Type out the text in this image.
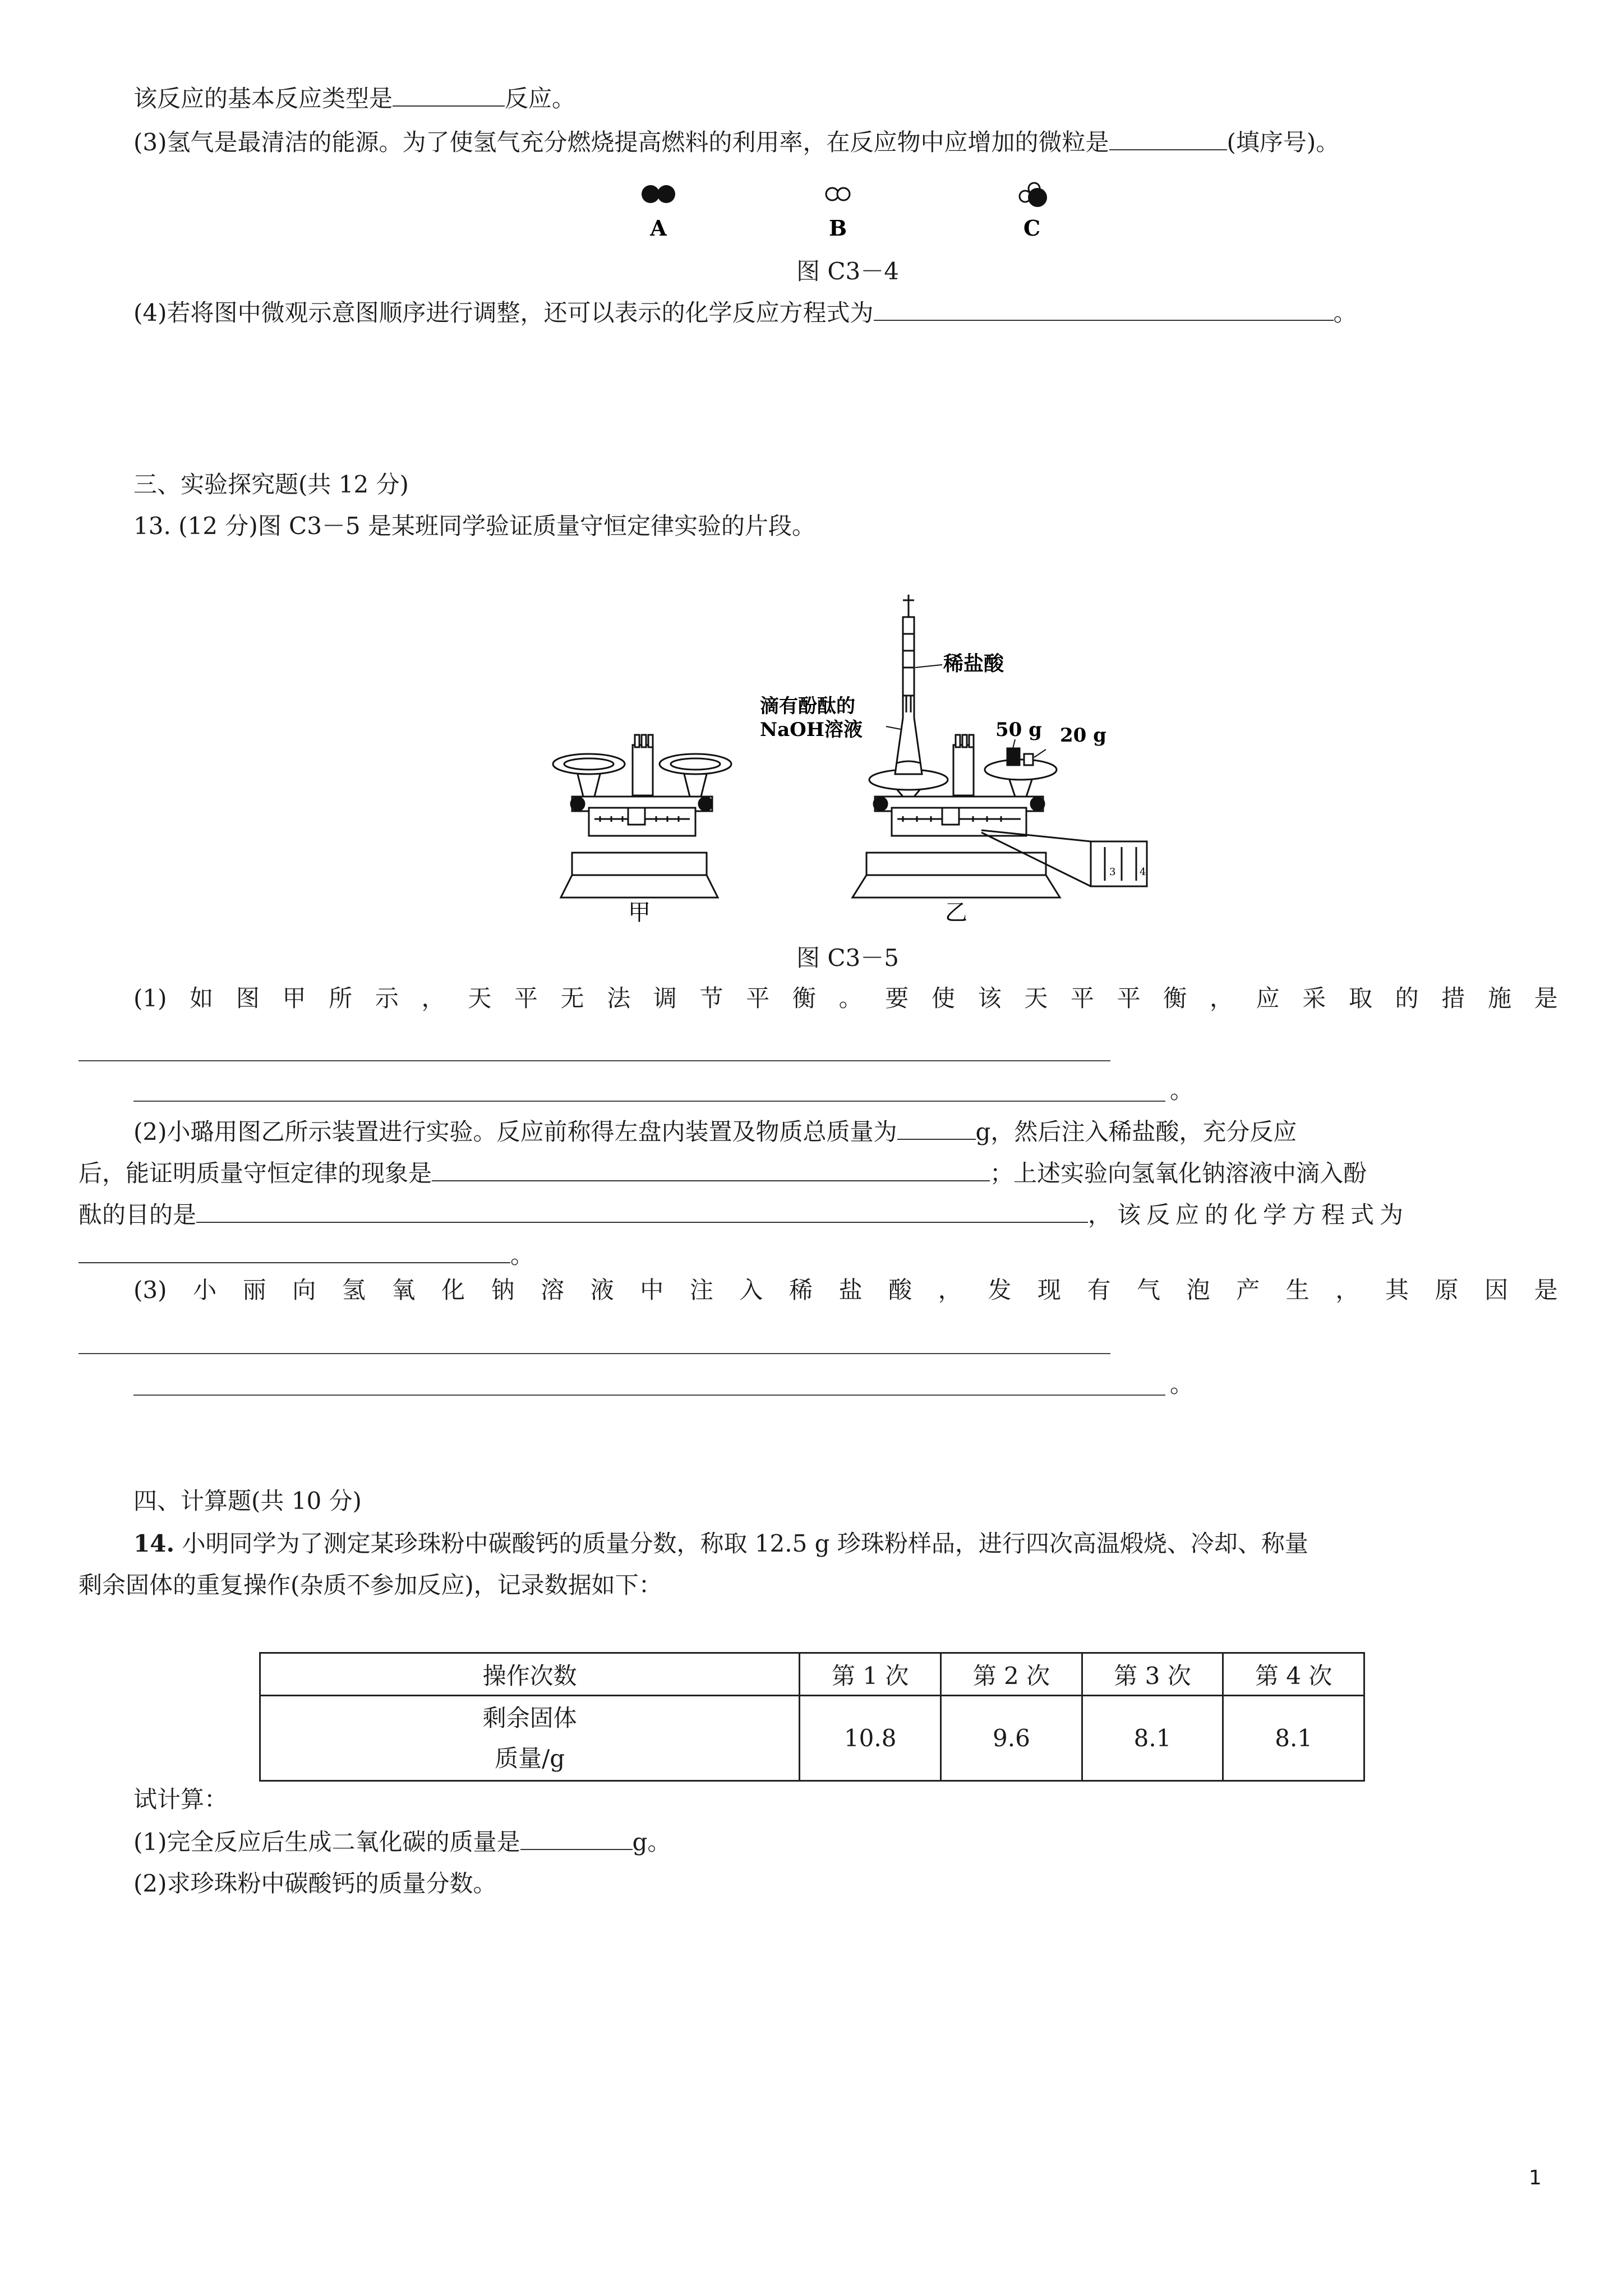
该反应的基本反应类型是	反应。
(3)氢气是最清洁的能源。为了使氢气充分燃烧提高燃料的利用率，在反应物中应增加的微粒是	(填序号)。
A	B	C
图 C3－4
(4)若将图中微观示意图顺序进行调整，还可以表示的化学反应方程式为	。
三、实验探究题(共 12 分)
13. (12 分)图 C3－5 是某班同学验证质量守恒定律实验的片段。
甲
3 4
稀盐酸
滴有酚酞的
NaOH溶液	50 g 20 g
乙
图 C3－5
(1) 如 图 甲 所 示 ， 天 平 无 法 调 节 平 衡 。 要 使 该 天 平 平 衡 ， 应 采 取 的 措 施 是
。
(2)小璐用图乙所示装置进行实验。反应前称得左盘内装置及物质总质量为	g，然后注入稀盐酸，充分反应
后，能证明质量守恒定律的现象是	；上述实验向氢氧化钠溶液中滴入酚
酞的目的是	，该反应的化学方程式为
。
(3) 小 丽 向 氢 氧 化 钠 溶 液 中 注 入 稀 盐 酸 ， 发 现 有 气 泡 产 生 ， 其 原 因 是
。
四、计算题(共 10 分)
14. 小明同学为了测定某珍珠粉中碳酸钙的质量分数，称取 12.5 g 珍珠粉样品，进行四次高温煅烧、冷却、称量
剩余固体的重复操作(杂质不参加反应)，记录数据如下：
操作次数	第 1 次	第 2 次	第 3 次	第 4 次

剩余固体
质量/g	10.8	9.6	8.1	8.1
试计算：
(1)完全反应后生成二氧化碳的质量是	g。
(2)求珍珠粉中碳酸钙的质量分数。
1
